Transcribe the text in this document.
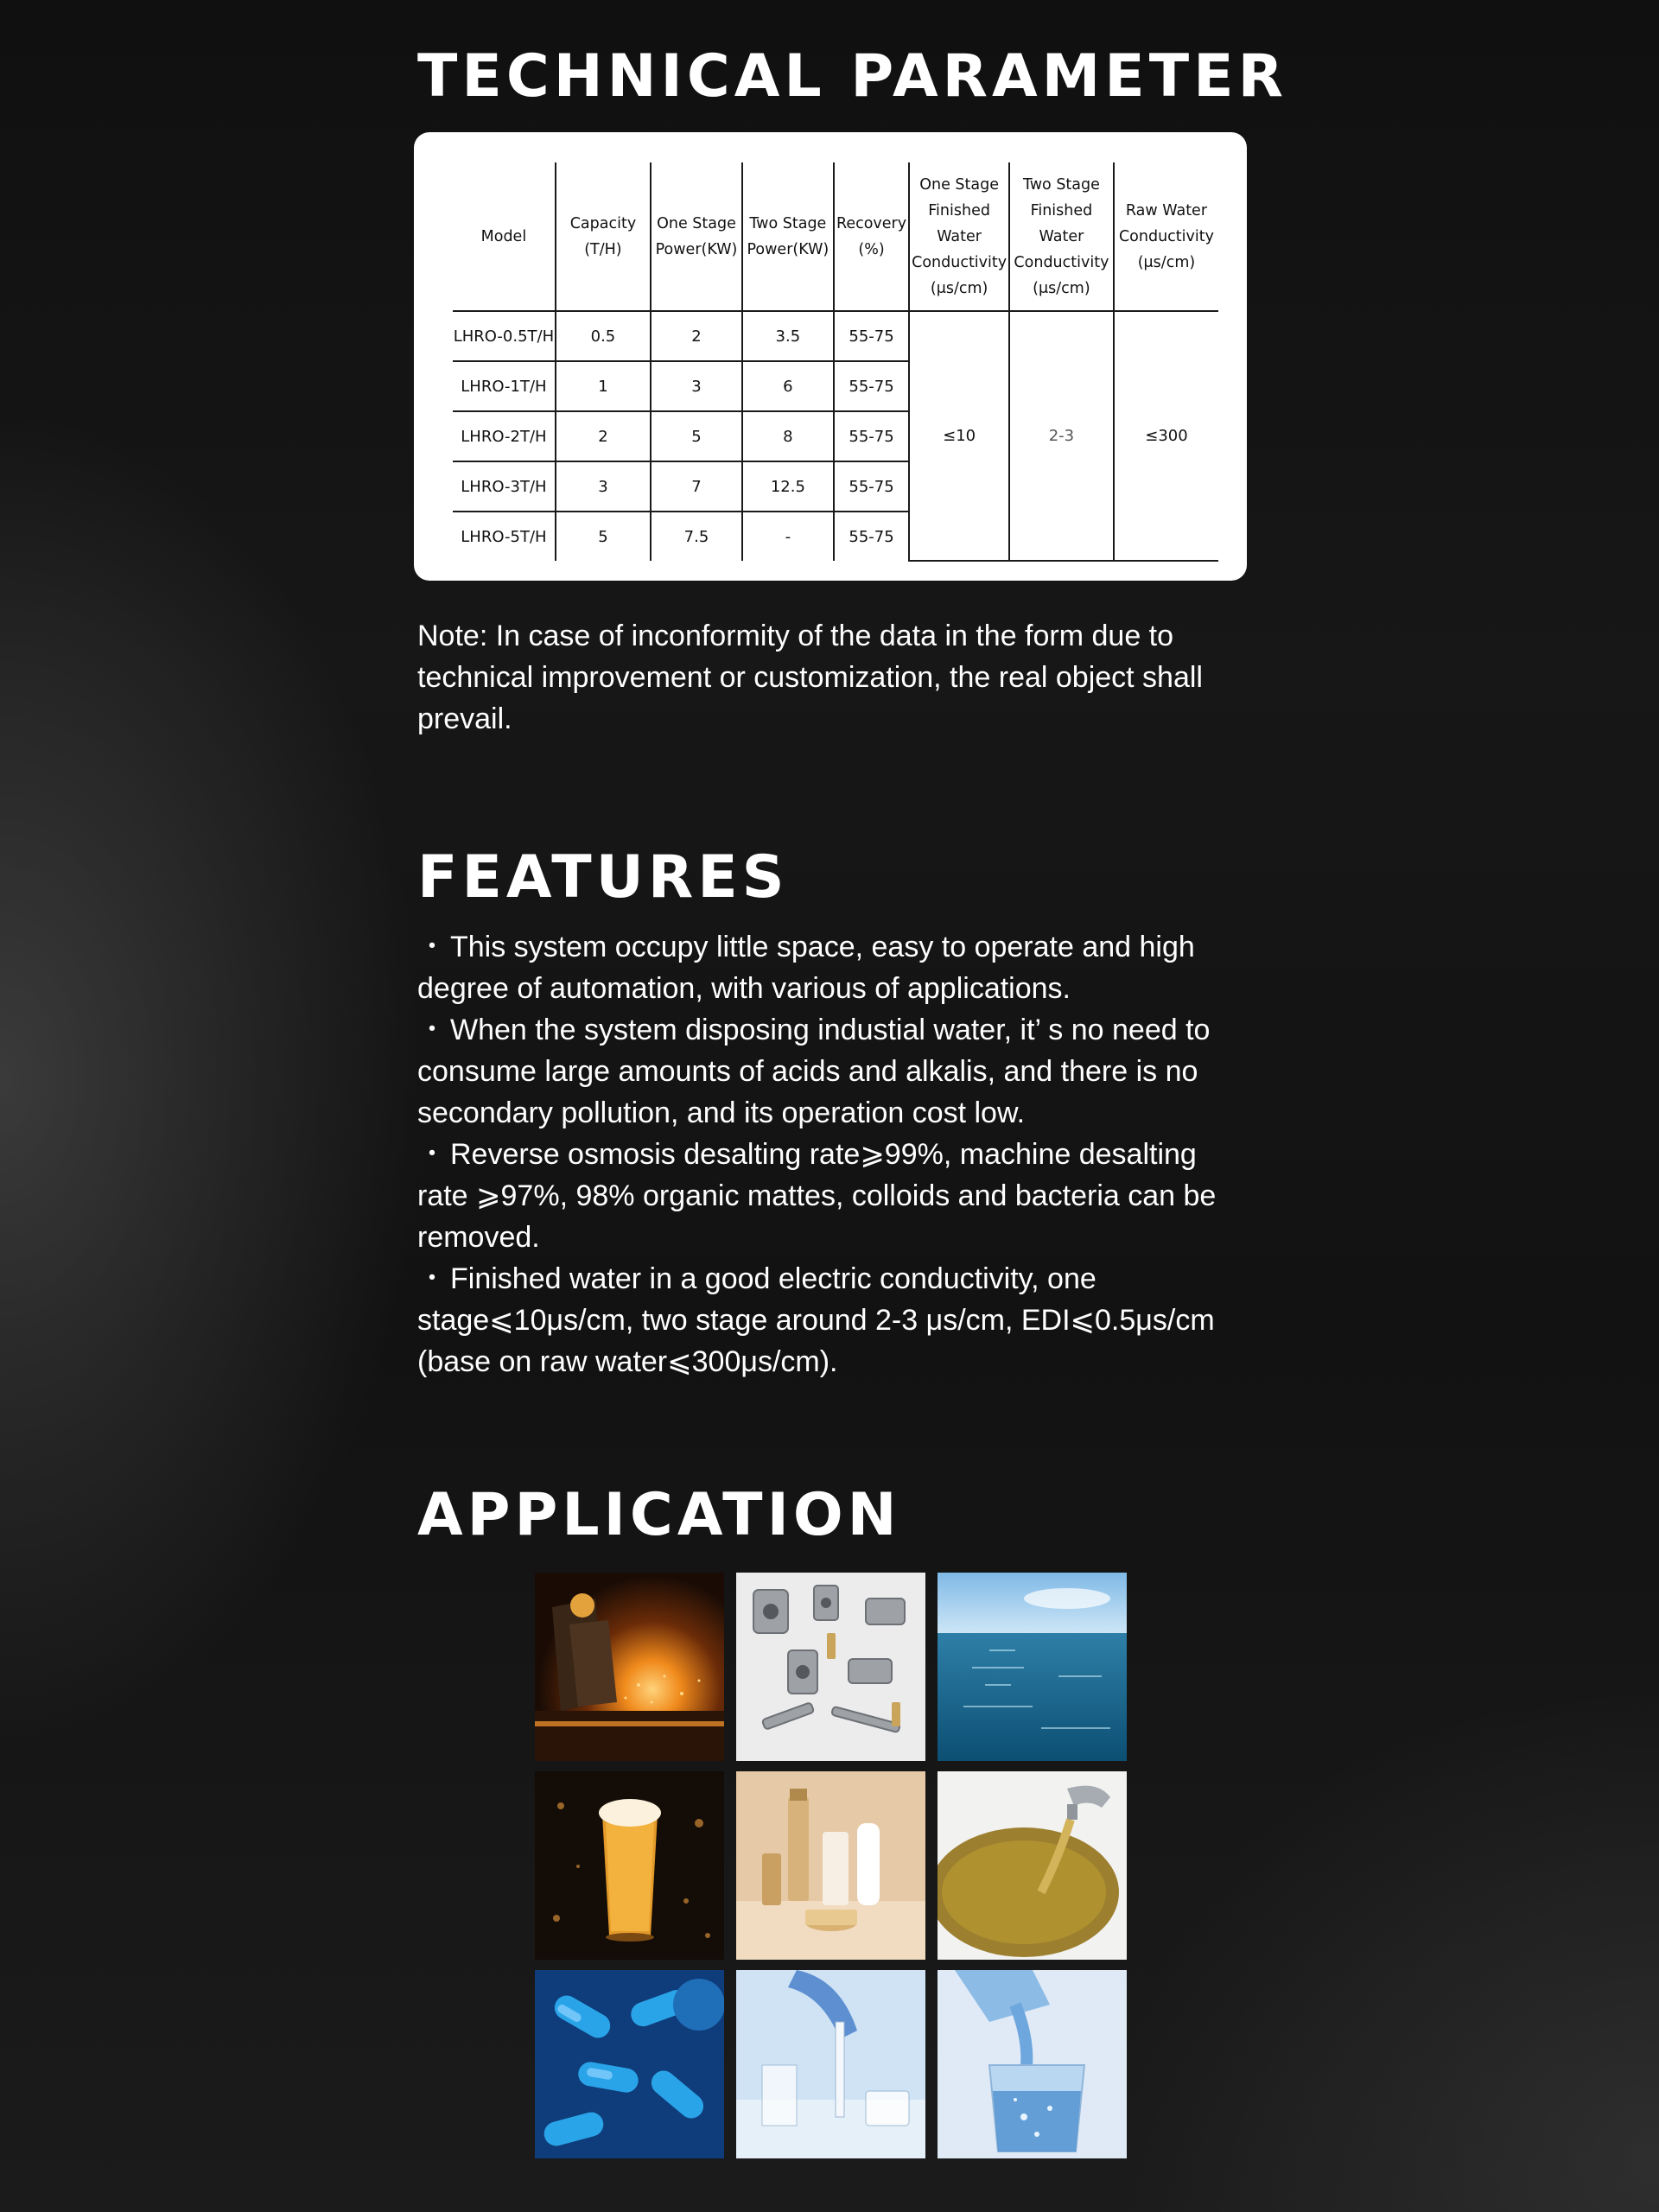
TECHNICAL PARAMETER
Model	Capacity (T/H)	One Stage Power(KW)	Two Stage Power(KW)	Recovery (%)	One Stage Finished Water Conductivity (μs/cm)	Two Stage Finished Water Conductivity (μs/cm)	Raw Water Conductivity (μs/cm)
LHRO-0.5T/H	0.5	2	3.5	55-75	≤10	2-3	≤300
LHRO-1T/H	1	3	6	55-75			
LHRO-2T/H	2	5	8	55-75			
LHRO-3T/H	3	7	12.5	55-75			
LHRO-5T/H	5	7.5	-	55-75			

Note: In case of inconformity of the data in the form due to technical improvement or customization, the real object shall prevail.

FEATURES
・ This system occupy little space, easy to operate and high degree of automation, with various of applications.
・ When the system disposing industial water, it’ s no need to consume large amounts of acids and alkalis, and there is no secondary pollution, and its operation cost low.
・ Reverse osmosis desalting rate⩾99%, machine desalting rate ⩾97%, 98% organic mattes, colloids and bacteria can be removed.
・ Finished water in a good electric conductivity, one stage⩽10μs/cm, two stage around 2-3 μs/cm, EDI⩽0.5μs/cm (base on raw water⩽300μs/cm).
APPLICATION
